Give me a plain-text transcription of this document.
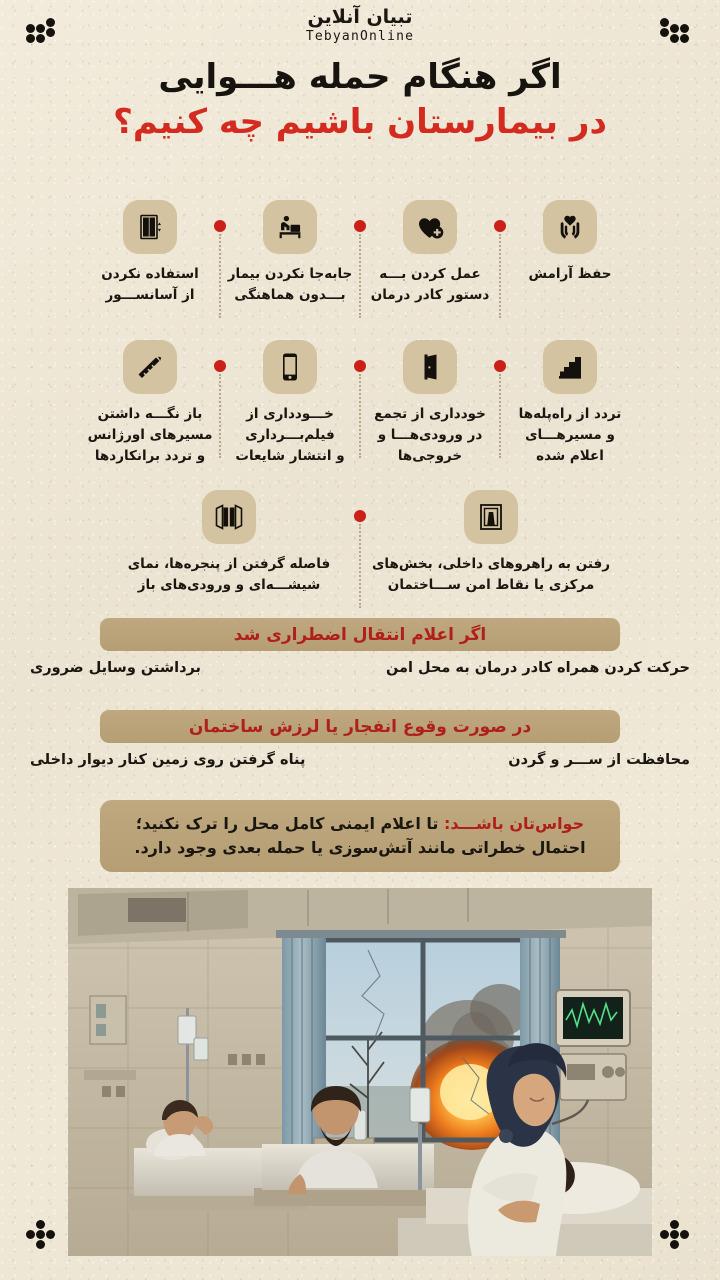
تبیان آنلاین
TebyanOnline
اگر هنگام حمله هـــوایی
در بیمارستان باشیم چه کنیم؟
حفظ آرامش
عمل کردن بـــه
دستور کادر درمان
جابه‌جا نکردن بیمار
بـــدون هماهنگی
استفاده نکردن
از آسانســـور
تردد از راه‌پله‌ها
و مسیرهـــای
اعلام شده
خودداری از تجمع
در ورودی‌هـــا و
خروجی‌ها
خـــودداری از
فیلم‌بـــرداری
و انتشار شایعات
باز نگـــه داشتن
مسیرهای اورژانس
و تردد برانکاردها
رفتن به راهروهای داخلی، بخش‌های
مرکزی یا نقاط امن ســـاختمان
فاصله گرفتن از پنجره‌ها، نمای
شیشـــه‌ای و ورودی‌های باز
اگر اعلام انتقال اضطراری شد
حرکت کردن همراه کادر درمان به محل امن
برداشتن وسایل ضروری
در صورت وقوع انفجار یا لرزش ساختمان
محافظت از ســـر و گردن
پناه گرفتن روی زمین کنار دیوار داخلی
حواس‌تان باشـــد: تا اعلام ایمنی کامل محل را ترک نکنید؛
احتمال خطراتی مانند آتش‌سوزی یا حمله بعدی وجود دارد.
